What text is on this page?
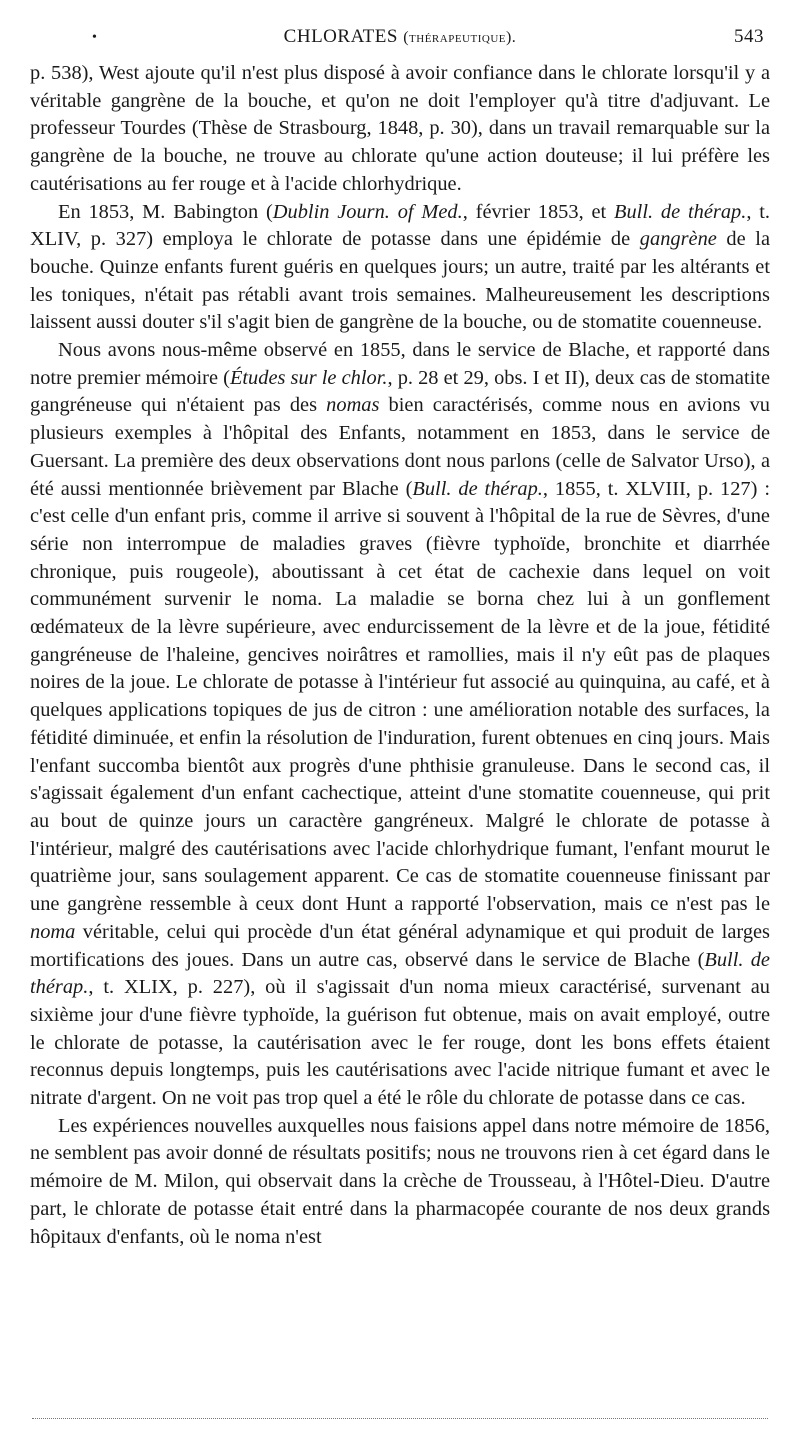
•	CHLORATES (thérapeutique).	543

p. 538), West ajoute qu'il n'est plus disposé à avoir confiance dans le chlorate lorsqu'il y a véritable gangrène de la bouche, et qu'on ne doit l'employer qu'à titre d'adjuvant. Le professeur Tourdes (Thèse de Strasbourg, 1848, p. 30), dans un travail remarquable sur la gangrène de la bouche, ne trouve au chlorate qu'une action douteuse; il lui préfère les cautérisations au fer rouge et à l'acide chlorhydrique.

En 1853, M. Babington (Dublin Journ. of Med., février 1853, et Bull. de thérap., t. XLIV, p. 327) employa le chlorate de potasse dans une épidémie de gangrène de la bouche. Quinze enfants furent guéris en quelques jours; un autre, traité par les altérants et les toniques, n'était pas rétabli avant trois semaines. Malheureusement les descriptions laissent aussi douter s'il s'agit bien de gangrène de la bouche, ou de stomatite couenneuse.

Nous avons nous-même observé en 1855, dans le service de Blache, et rapporté dans notre premier mémoire (Études sur le chlor., p. 28 et 29, obs. I et II), deux cas de stomatite gangréneuse qui n'étaient pas des nomas bien caractérisés, comme nous en avions vu plusieurs exemples à l'hôpital des Enfants, notamment en 1853, dans le service de Guersant. La première des deux observations dont nous parlons (celle de Salvator Urso), a été aussi mentionnée brièvement par Blache (Bull. de thérap., 1855, t. XLVIII, p. 127) : c'est celle d'un enfant pris, comme il arrive si souvent à l'hôpital de la rue de Sèvres, d'une série non interrompue de maladies graves (fièvre typhoïde, bronchite et diarrhée chronique, puis rougeole), aboutissant à cet état de cachexie dans lequel on voit communément survenir le noma. La maladie se borna chez lui à un gonflement œdémateux de la lèvre supérieure, avec endurcissement de la lèvre et de la joue, fétidité gangréneuse de l'haleine, gencives noirâtres et ramollies, mais il n'y eût pas de plaques noires de la joue. Le chlorate de potasse à l'intérieur fut associé au quinquina, au café, et à quelques applications topiques de jus de citron : une amélioration notable des surfaces, la fétidité diminuée, et enfin la résolution de l'induration, furent obtenues en cinq jours. Mais l'enfant succomba bientôt aux progrès d'une phthisie granuleuse. Dans le second cas, il s'agissait également d'un enfant cachectique, atteint d'une stomatite couenneuse, qui prit au bout de quinze jours un caractère gangréneux. Malgré le chlorate de potasse à l'intérieur, malgré des cautérisations avec l'acide chlorhydrique fumant, l'enfant mourut le quatrième jour, sans soulagement apparent. Ce cas de stomatite couenneuse finissant par une gangrène ressemble à ceux dont Hunt a rapporté l'observation, mais ce n'est pas le noma véritable, celui qui procède d'un état général adynamique et qui produit de larges mortifications des joues. Dans un autre cas, observé dans le service de Blache (Bull. de thérap., t. XLIX, p. 227), où il s'agissait d'un noma mieux caractérisé, survenant au sixième jour d'une fièvre typhoïde, la guérison fut obtenue, mais on avait employé, outre le chlorate de potasse, la cautérisation avec le fer rouge, dont les bons effets étaient reconnus depuis longtemps, puis les cautérisations avec l'acide nitrique fumant et avec le nitrate d'argent. On ne voit pas trop quel a été le rôle du chlorate de potasse dans ce cas.

Les expériences nouvelles auxquelles nous faisions appel dans notre mémoire de 1856, ne semblent pas avoir donné de résultats positifs; nous ne trouvons rien à cet égard dans le mémoire de M. Milon, qui observait dans la crèche de Trousseau, à l'Hôtel-Dieu. D'autre part, le chlorate de potasse était entré dans la pharmacopée courante de nos deux grands hôpitaux d'enfants, où le noma n'est
